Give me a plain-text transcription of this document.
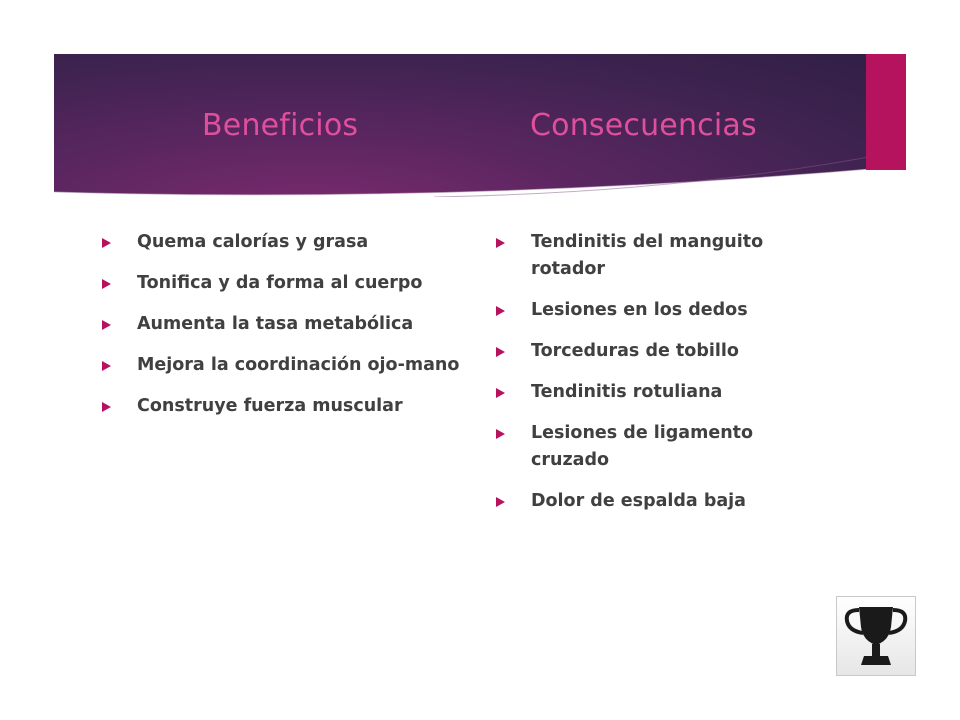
Beneficios	Consecuencias
Quema calorías y grasa
Tonifica y da forma al cuerpo
Aumenta la tasa metabólica
Mejora la coordinación ojo-mano
Construye fuerza muscular
Tendinitis del manguito rotador
Lesiones en los dedos
Torceduras de tobillo
Tendinitis rotuliana
Lesiones de ligamento cruzado
Dolor de espalda baja
